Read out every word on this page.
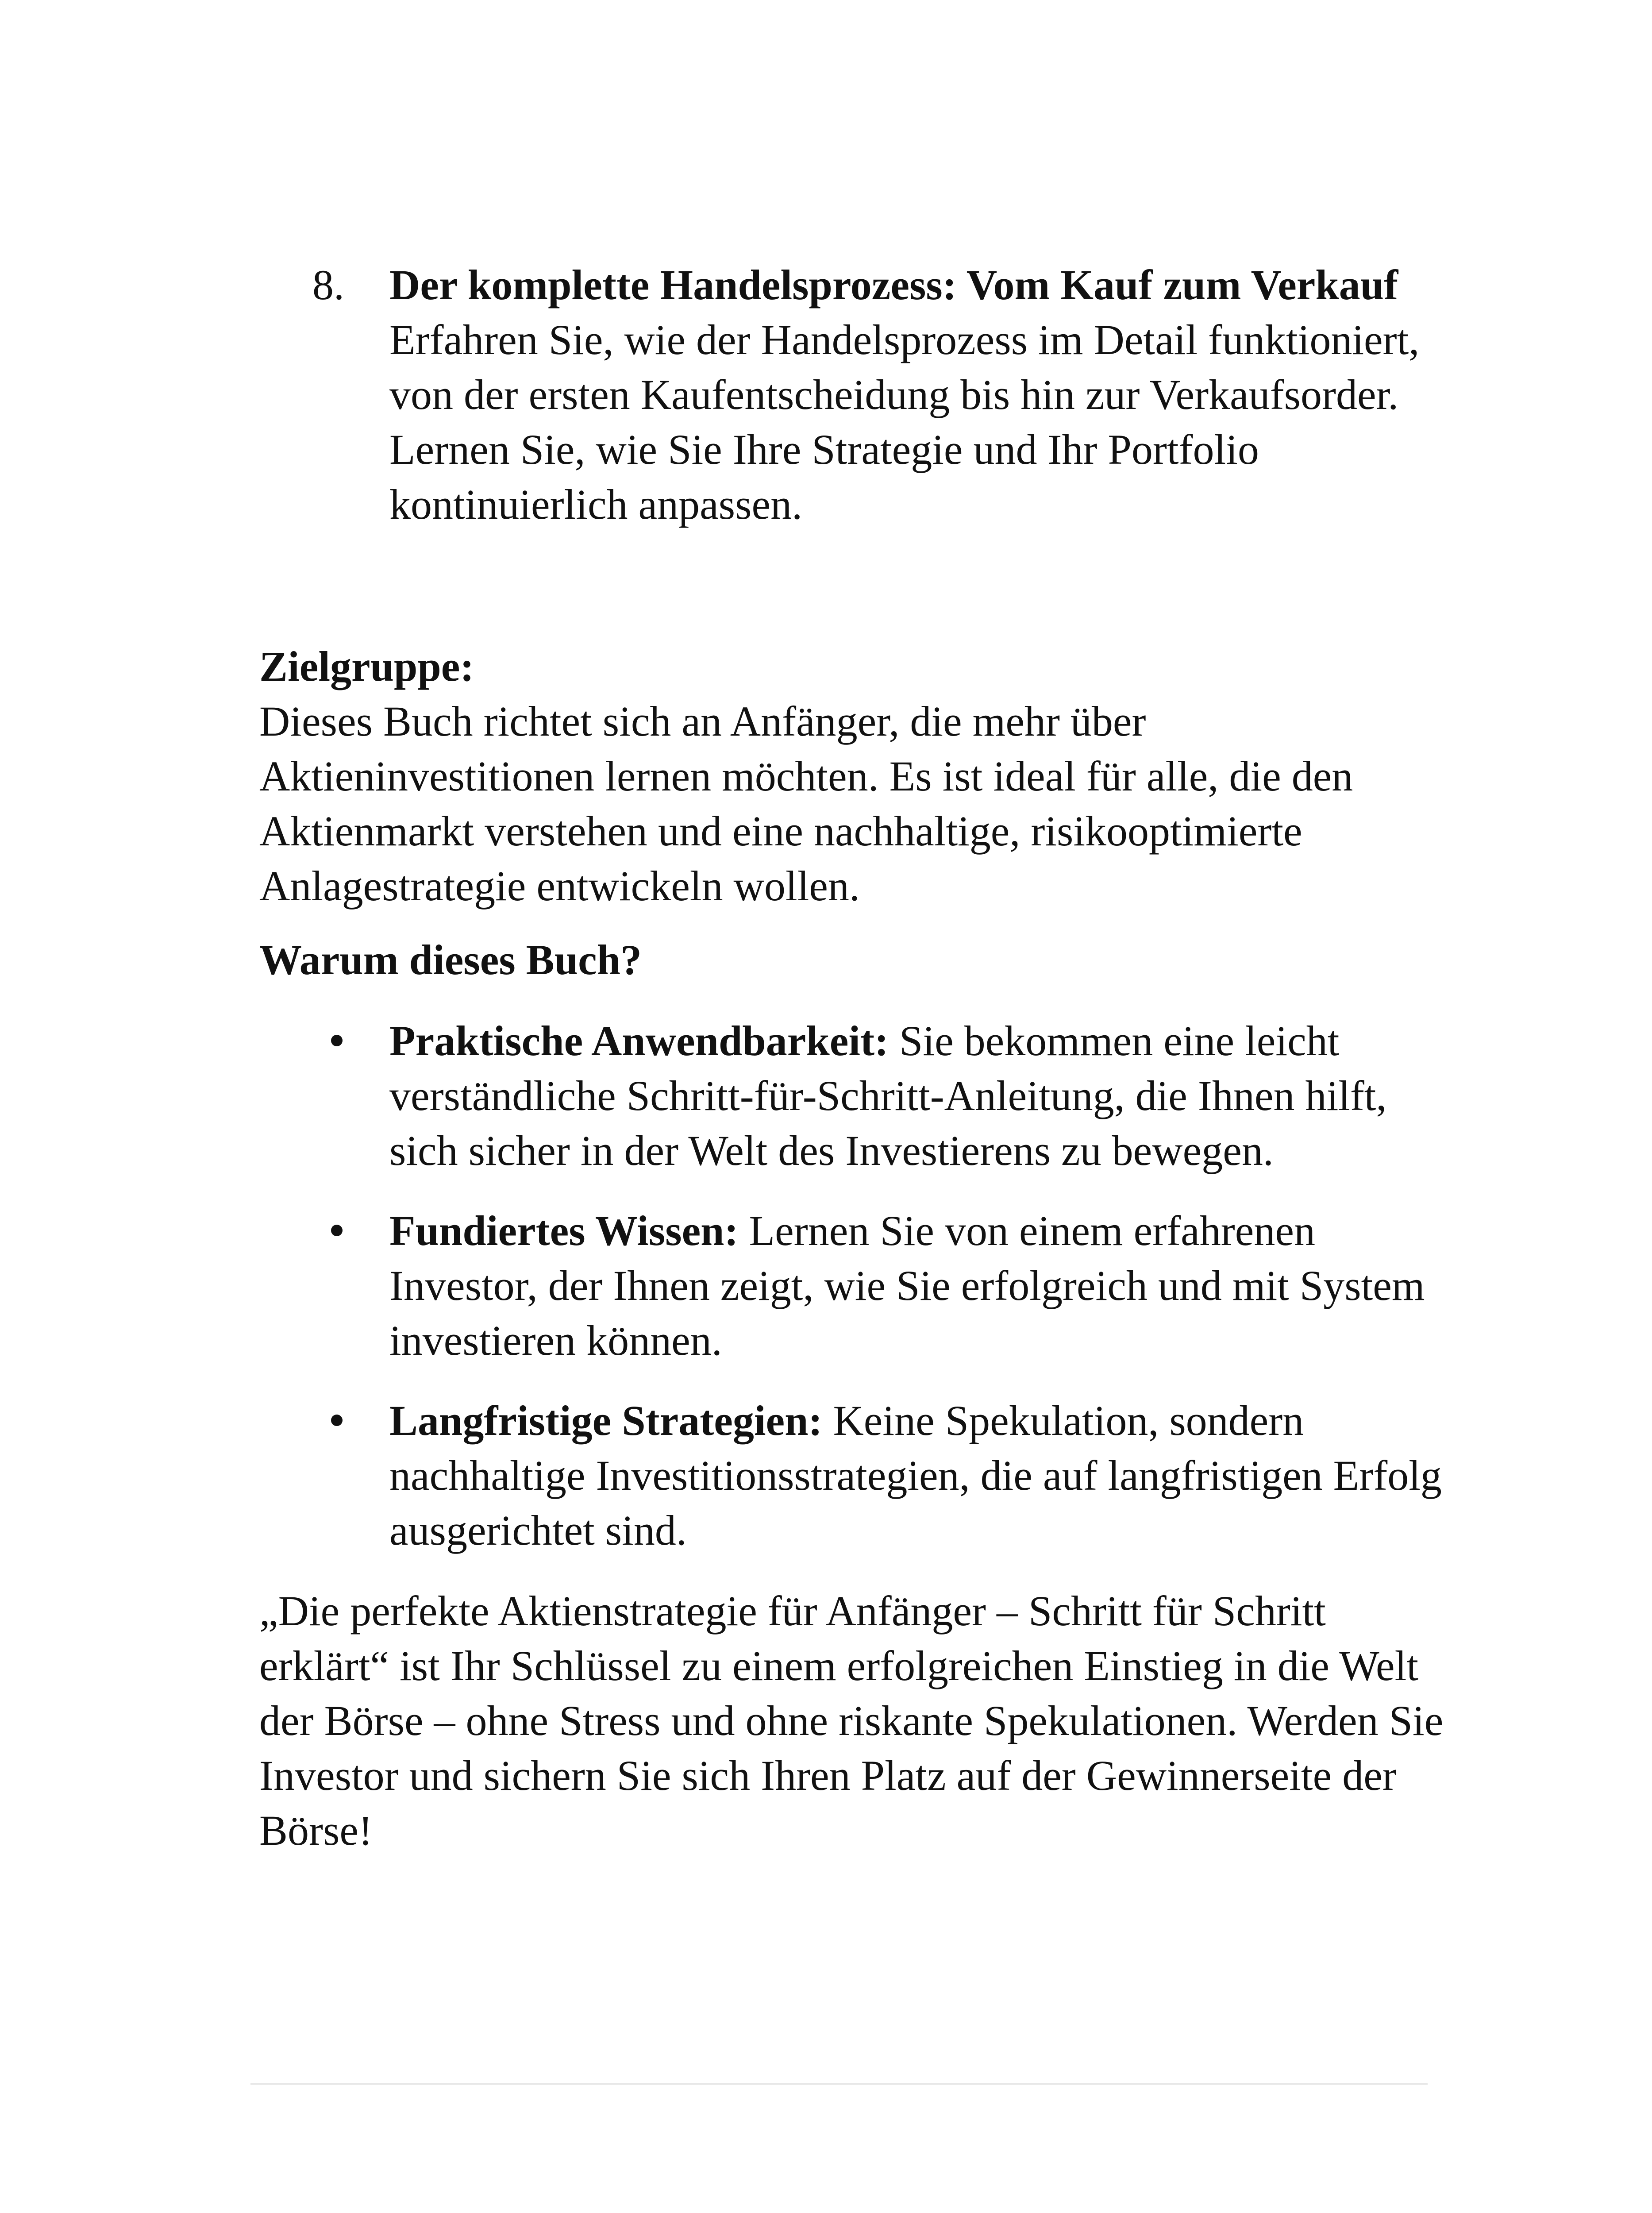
8.	Der komplette Handelsprozess: Vom Kauf zum Verkauf
Erfahren Sie, wie der Handelsprozess im Detail funktioniert, von der ersten Kaufentscheidung bis hin zur Verkaufsorder. Lernen Sie, wie Sie Ihre Strategie und Ihr Portfolio kontinuierlich anpassen.
Zielgruppe:
Dieses Buch richtet sich an Anfänger, die mehr über Aktieninvestitionen lernen möchten. Es ist ideal für alle, die den Aktienmarkt verstehen und eine nachhaltige, risikooptimierte Anlagestrategie entwickeln wollen.
Warum dieses Buch?
Praktische Anwendbarkeit: Sie bekommen eine leicht verständliche Schritt-für-Schritt-Anleitung, die Ihnen hilft, sich sicher in der Welt des Investierens zu bewegen.
Fundiertes Wissen: Lernen Sie von einem erfahrenen Investor, der Ihnen zeigt, wie Sie erfolgreich und mit System investieren können.
Langfristige Strategien: Keine Spekulation, sondern nachhaltige Investitionsstrategien, die auf langfristigen Erfolg ausgerichtet sind.
„Die perfekte Aktienstrategie für Anfänger – Schritt für Schritt erklärt“ ist Ihr Schlüssel zu einem erfolgreichen Einstieg in die Welt der Börse – ohne Stress und ohne riskante Spekulationen. Werden Sie Investor und sichern Sie sich Ihren Platz auf der Gewinnerseite der Börse!
